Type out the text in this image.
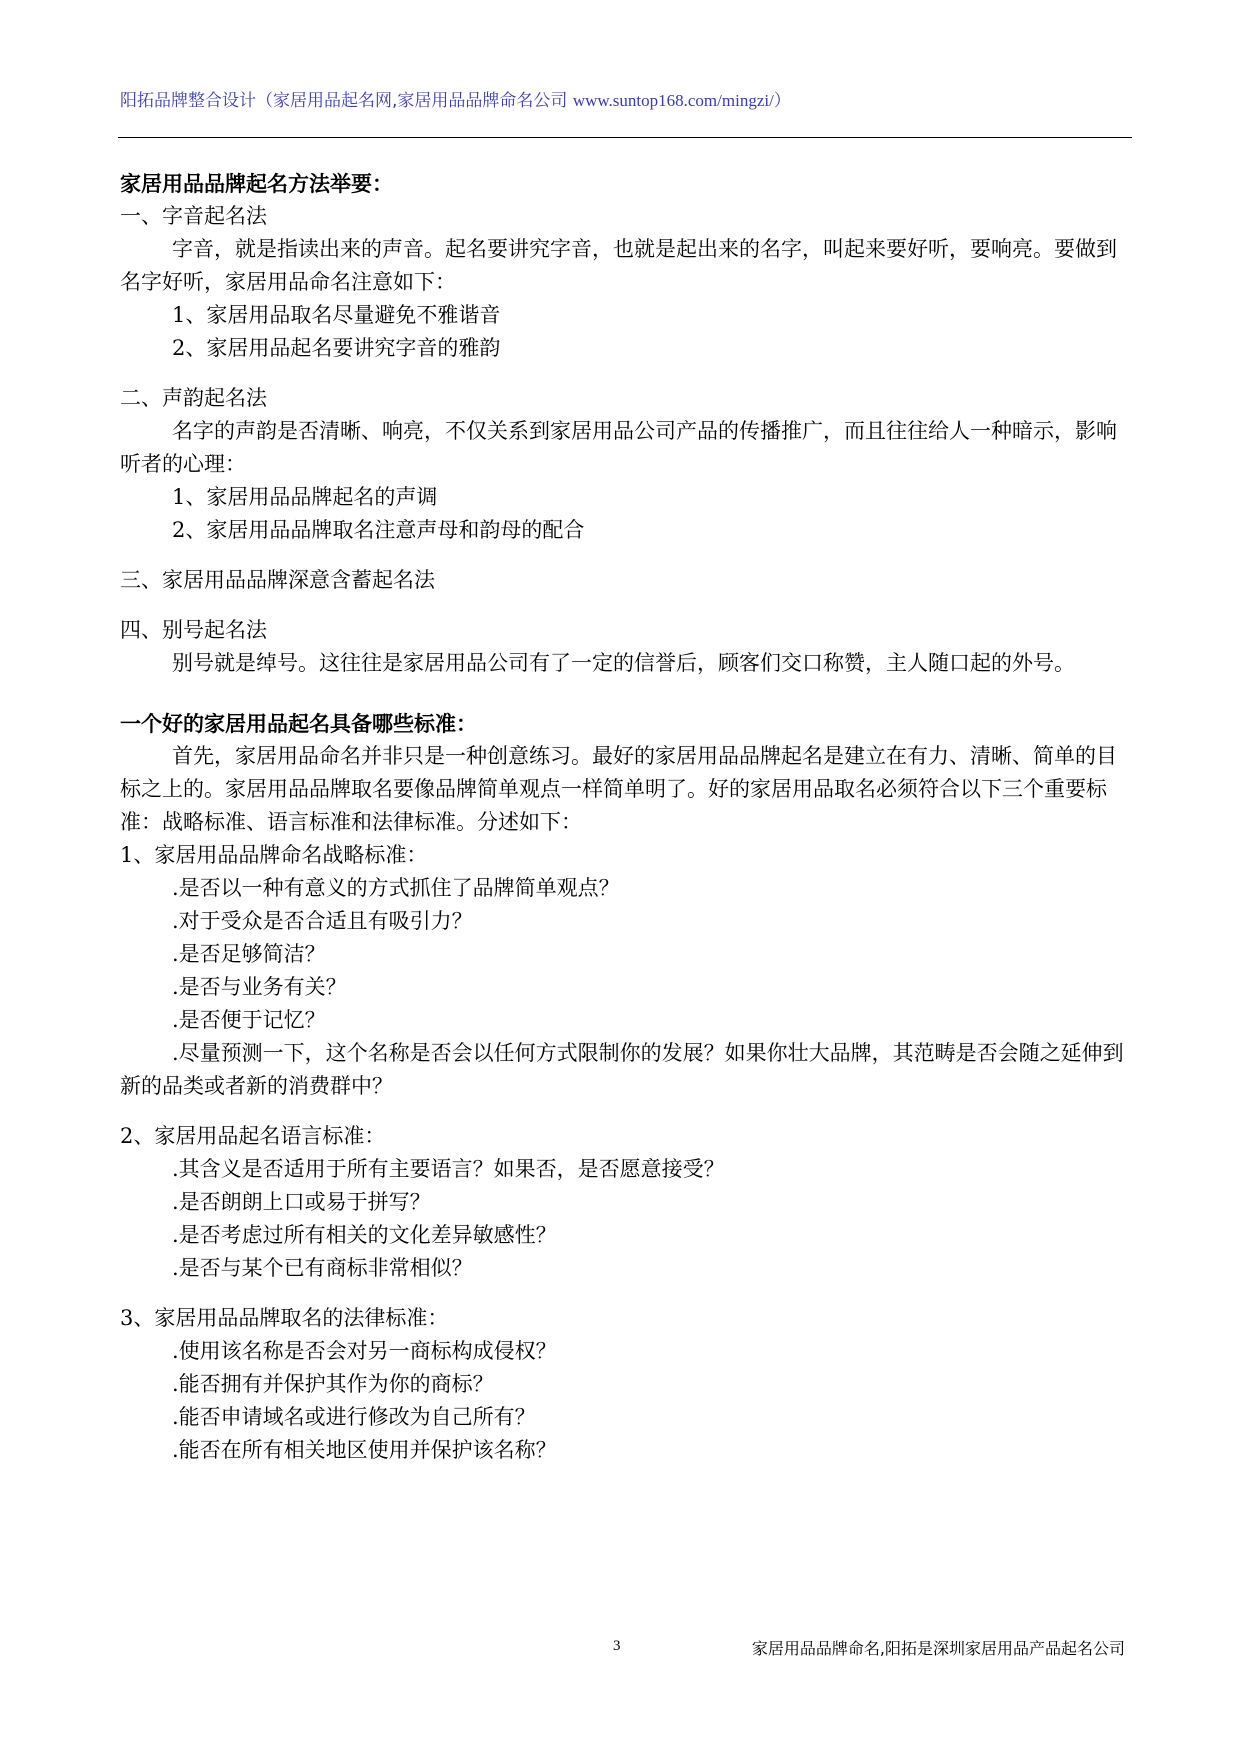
阳拓品牌整合设计（家居用品起名网,家居用品品牌命名公司 www.suntop168.com/mingzi/）

家居用品品牌起名方法举要：

一、字音起名法

字音，就是指读出来的声音。起名要讲究字音，也就是起出来的名字，叫起来要好听，要响亮。要做到名字好听，家居用品命名注意如下：

1、家居用品取名尽量避免不雅谐音

2、家居用品起名要讲究字音的雅韵

二、声韵起名法

名字的声韵是否清晰、响亮，不仅关系到家居用品公司产品的传播推广，而且往往给人一种暗示，影响听者的心理：

1、家居用品品牌起名的声调

2、家居用品品牌取名注意声母和韵母的配合

三、家居用品品牌深意含蓄起名法

四、别号起名法

别号就是绰号。这往往是家居用品公司有了一定的信誉后，顾客们交口称赞，主人随口起的外号。

一个好的家居用品起名具备哪些标准：

首先，家居用品命名并非只是一种创意练习。最好的家居用品品牌起名是建立在有力、清晰、简单的目标之上的。家居用品品牌取名要像品牌简单观点一样简单明了。好的家居用品取名必须符合以下三个重要标准：战略标准、语言标准和法律标准。分述如下：

1、家居用品品牌命名战略标准：

.是否以一种有意义的方式抓住了品牌简单观点？

.对于受众是否合适且有吸引力？

.是否足够简洁？

.是否与业务有关？

.是否便于记忆？

.尽量预测一下，这个名称是否会以任何方式限制你的发展？如果你壮大品牌，其范畴是否会随之延伸到新的品类或者新的消费群中？

2、家居用品起名语言标准：

.其含义是否适用于所有主要语言？如果否，是否愿意接受？

.是否朗朗上口或易于拼写？

.是否考虑过所有相关的文化差异敏感性？

.是否与某个已有商标非常相似？

3、家居用品品牌取名的法律标准：

.使用该名称是否会对另一商标构成侵权？

.能否拥有并保护其作为你的商标？

.能否申请域名或进行修改为自己所有？

.能否在所有相关地区使用并保护该名称？

3	家居用品品牌命名,阳拓是深圳家居用品产品起名公司
